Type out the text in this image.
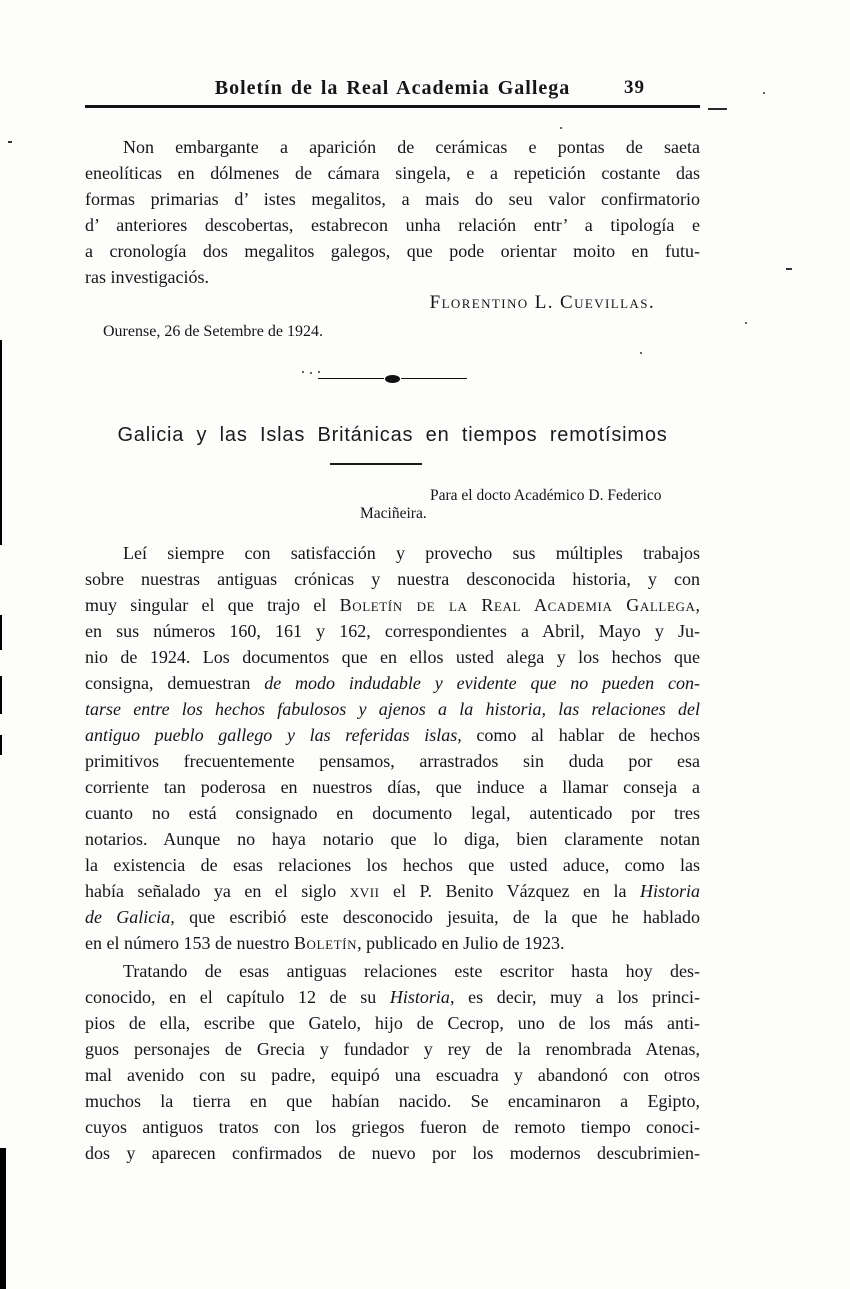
Boletín de la Real Academia Gallega	39
Non embargante a aparición de cerámicas e pontas de saeta
eneolíticas en dólmenes de cámara singela, e a repetición costante das
formas primarias d’ istes megalitos, a mais do seu valor confirmatorio
d’ anteriores descobertas, estabrecon unha relación entr’ a tipología e
a cronología dos megalitos galegos, que pode orientar moito en futu-
ras investigaciós.
Florentino L. Cuevillas.
Ourense, 26 de Setembre de 1924.
Galicia y las Islas Británicas en tiempos remotísimos
Para el docto Académico D. Federico
Maciñeira.
Leí siempre con satisfacción y provecho sus múltiples trabajos
sobre nuestras antiguas crónicas y nuestra desconocida historia, y con
muy singular el que trajo el Boletín de la Real Academia Gallega,
en sus números 160, 161 y 162, correspondientes a Abril, Mayo y Ju-
nio de 1924. Los documentos que en ellos usted alega y los hechos que
consigna, demuestran de modo indudable y evidente que no pueden con-
tarse entre los hechos fabulosos y ajenos a la historia, las relaciones del
antiguo pueblo gallego y las referidas islas, como al hablar de hechos
primitivos frecuentemente pensamos, arrastrados sin duda por esa
corriente tan poderosa en nuestros días, que induce a llamar conseja a
cuanto no está consignado en documento legal, autenticado por tres
notarios. Aunque no haya notario que lo diga, bien claramente notan
la existencia de esas relaciones los hechos que usted aduce, como las
había señalado ya en el siglo xvii el P. Benito Vázquez en la Historia
de Galicia, que escribió este desconocido jesuita, de la que he hablado
en el número 153 de nuestro Boletín, publicado en Julio de 1923.
Tratando de esas antiguas relaciones este escritor hasta hoy des-
conocido, en el capítulo 12 de su Historia, es decir, muy a los princi-
pios de ella, escribe que Gatelo, hijo de Cecrop, uno de los más anti-
guos personajes de Grecia y fundador y rey de la renombrada Atenas,
mal avenido con su padre, equipó una escuadra y abandonó con otros
muchos la tierra en que habían nacido. Se encaminaron a Egipto,
cuyos antiguos tratos con los griegos fueron de remoto tiempo conoci-
dos y aparecen confirmados de nuevo por los modernos descubrimien-
